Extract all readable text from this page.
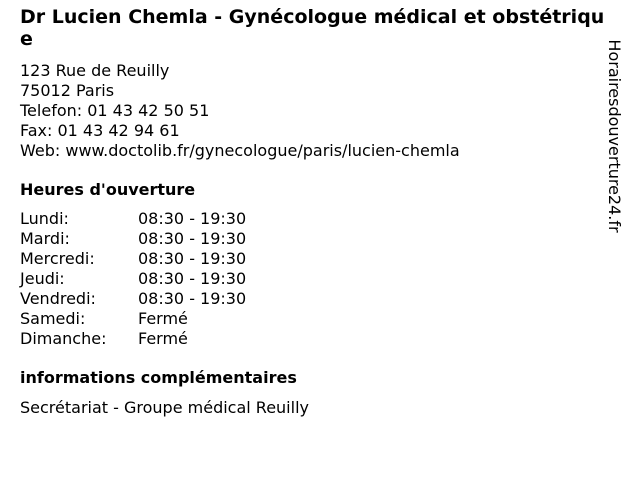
Dr Lucien Chemla - Gynécologue médical et obstétrique
123 Rue de Reuilly
75012 Paris
Telefon: 01 43 42 50 51
Fax: 01 43 42 94 61
Web: www.doctolib.fr/gynecologue/paris/lucien-chemla
Heures d'ouverture
Lundi:	08:30 - 19:30
Mardi:	08:30 - 19:30
Mercredi:	08:30 - 19:30
Jeudi:	08:30 - 19:30
Vendredi:	08:30 - 19:30
Samedi:	Fermé
Dimanche:	Fermé
informations complémentaires
Secrétariat - Groupe médical Reuilly
Horairesdouverture24.fr
